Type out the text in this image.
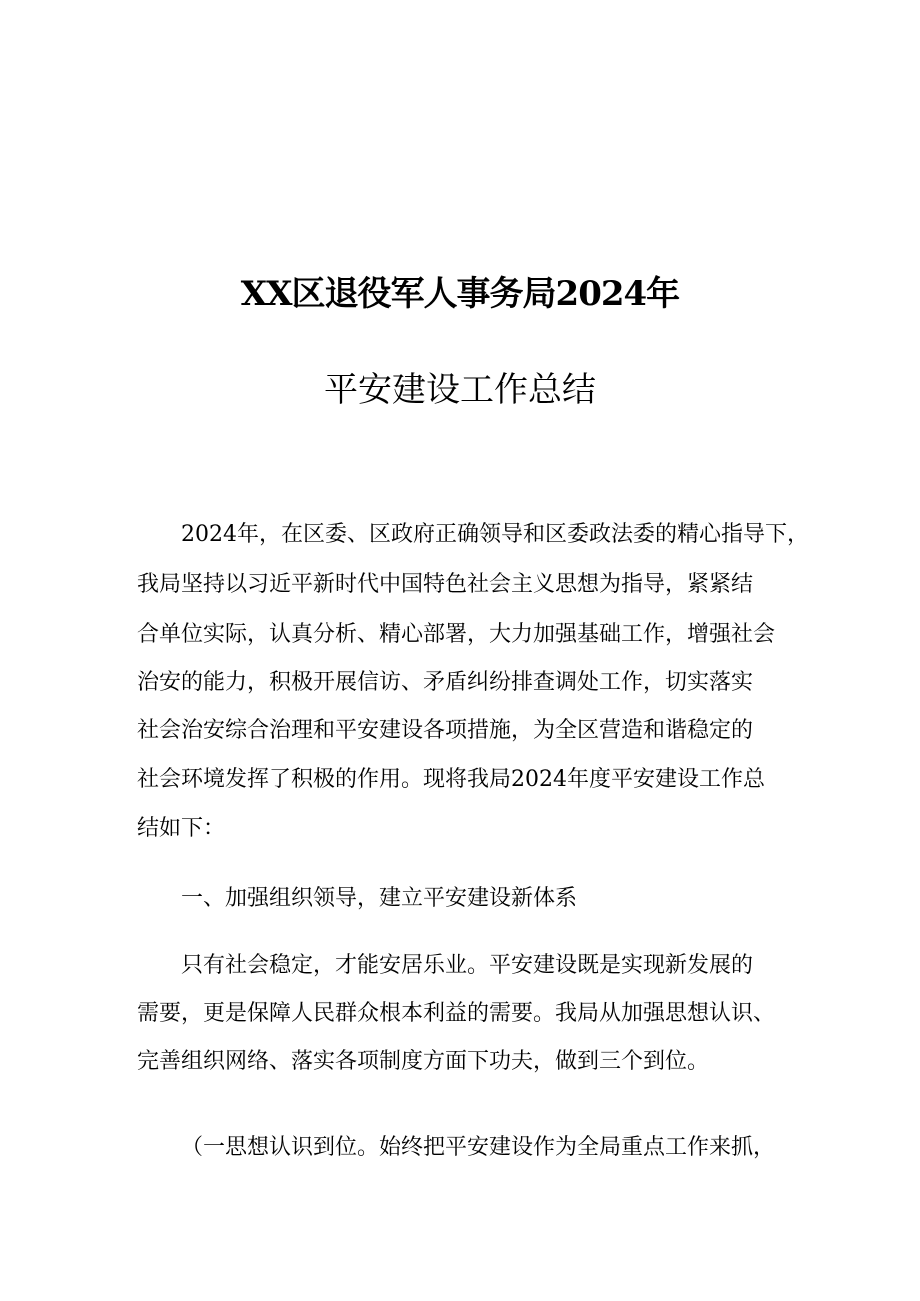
XX区退役军人事务局2024年
平安建设工作总结
2024年，在区委、区政府正确领导和区委政法委的精心指导下，
我局坚持以习近平新时代中国特色社会主义思想为指导，紧紧结
合单位实际，认真分析、精心部署，大力加强基础工作，增强社会
治安的能力，积极开展信访、矛盾纠纷排查调处工作，切实落实
社会治安综合治理和平安建设各项措施，为全区营造和谐稳定的
社会环境发挥了积极的作用。现将我局2024年度平安建设工作总
结如下：
一、加强组织领导，建立平安建设新体系
只有社会稳定，才能安居乐业。平安建设既是实现新发展的
需要，更是保障人民群众根本利益的需要。我局从加强思想认识、
完善组织网络、落实各项制度方面下功夫，做到三个到位。
（一思想认识到位。始终把平安建设作为全局重点工作来抓，
